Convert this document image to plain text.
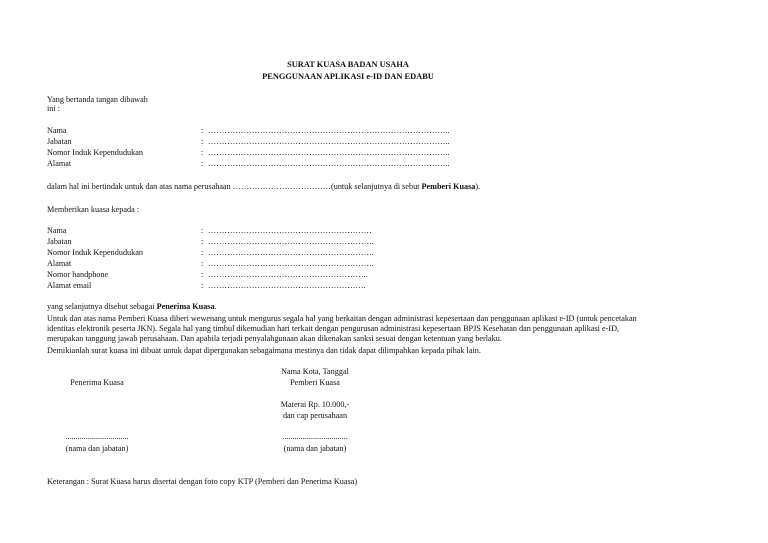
SURAT KUASA BADAN USAHA
PENGGUNAAN APLIKASI e-ID DAN EDABU
Yang bertanda tangan dibawah
ini :
Nama	: ……………………………………………………………………………..
Jabatan	: ……………………………………………………………………………..
Nomor Induk Kependudukan	: ……………………………………………………………………………..
Alamat	: ……………………………………………………………………………..
dalam hal ini bertindak untuk dan atas nama perusahaan ………………………………(untuk selanjutnya di sebut Pemberi Kuasa).
Memberikan kuasa kepada :
Nama	: ……………………………………………………
Jabatan	: …………………………………………………….
Nomor Induk Kependudukan	: …………………………………………………….
Alamat	: …………………………………………………….
Nomor handphone	: …………………………………………………..
Alamat email	: ………………………………………………….
yang selanjutnya disebut sebagai Penerima Kuasa.
Untuk dan atas nama Pemberi Kuasa diberi wewenang untuk mengurus segala hal yang berkaitan dengan administrasi kepesertaan dan penggunaan aplikasi e-ID (untuk pencetakan
identitas elektronik peserta JKN). Segala hal yang timbul dikemudian hari terkait dengan pengurusan administrasi kepesertaan BPJS Kesehatan dan penggunaan aplikasi e-ID,
merupakan tanggung jawab perusahaan. Dan apabila terjadi penyalahgunaan akan dikenakan sanksi sesuai dengan ketentuan yang berlaku.
Demikianlah surat kuasa ini dibuat untuk dapat dipergunakan sebagaimana mestinya dan tidak dapat dilimpahkan kepada pihak lain.
Nama Kota, Tanggal
Penerima Kuasa	Pemberi Kuasa
Materai Rp. 10.000,-
dan cap perusahaan
...............................	................................
(nama dan jabatan)	(nama dan jabatan)
Keterangan : Surat Kuasa harus disertai dengan foto copy KTP (Pemberi dan Penerima Kuasa)
